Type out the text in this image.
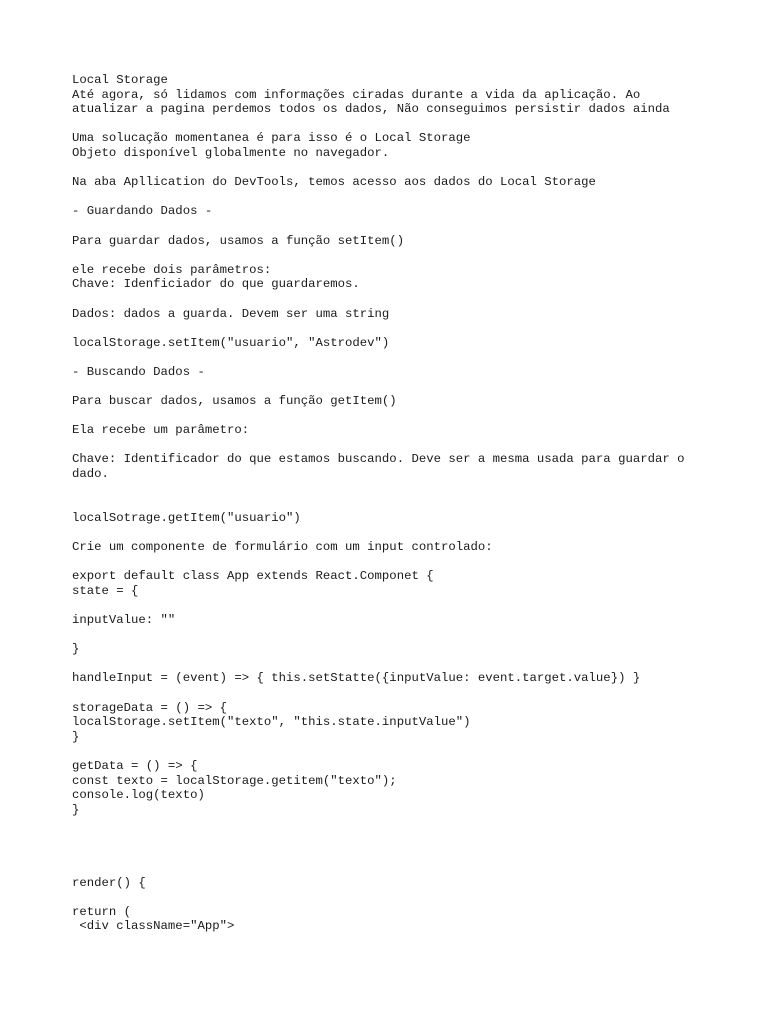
Local Storage
Até agora, só lidamos com informações ciradas durante a vida da aplicação. Ao
atualizar a pagina perdemos todos os dados, Não conseguimos persistir dados ainda
Uma solucação momentanea é para isso é o Local Storage
Objeto disponível globalmente no navegador.
Na aba Apllication do DevTools, temos acesso aos dados do Local Storage
- Guardando Dados -
Para guardar dados, usamos a função setItem()
ele recebe dois parâmetros:
Chave: Idenficiador do que guardaremos.
Dados: dados a guarda. Devem ser uma string
localStorage.setItem("usuario", "Astrodev")
- Buscando Dados -
Para buscar dados, usamos a função getItem()
Ela recebe um parâmetro:
Chave: Identificador do que estamos buscando. Deve ser a mesma usada para guardar o
dado.
localSotrage.getItem("usuario")
Crie um componente de formulário com um input controlado:
export default class App extends React.Componet {
state = {
inputValue: ""
}
handleInput = (event) => { this.setStatte({inputValue: event.target.value}) }
storageData = () => {
localStorage.setItem("texto", "this.state.inputValue")
}
getData = () => {
const texto = localStorage.getitem("texto");
console.log(texto)
}
render() {
return (
<div className="App">
